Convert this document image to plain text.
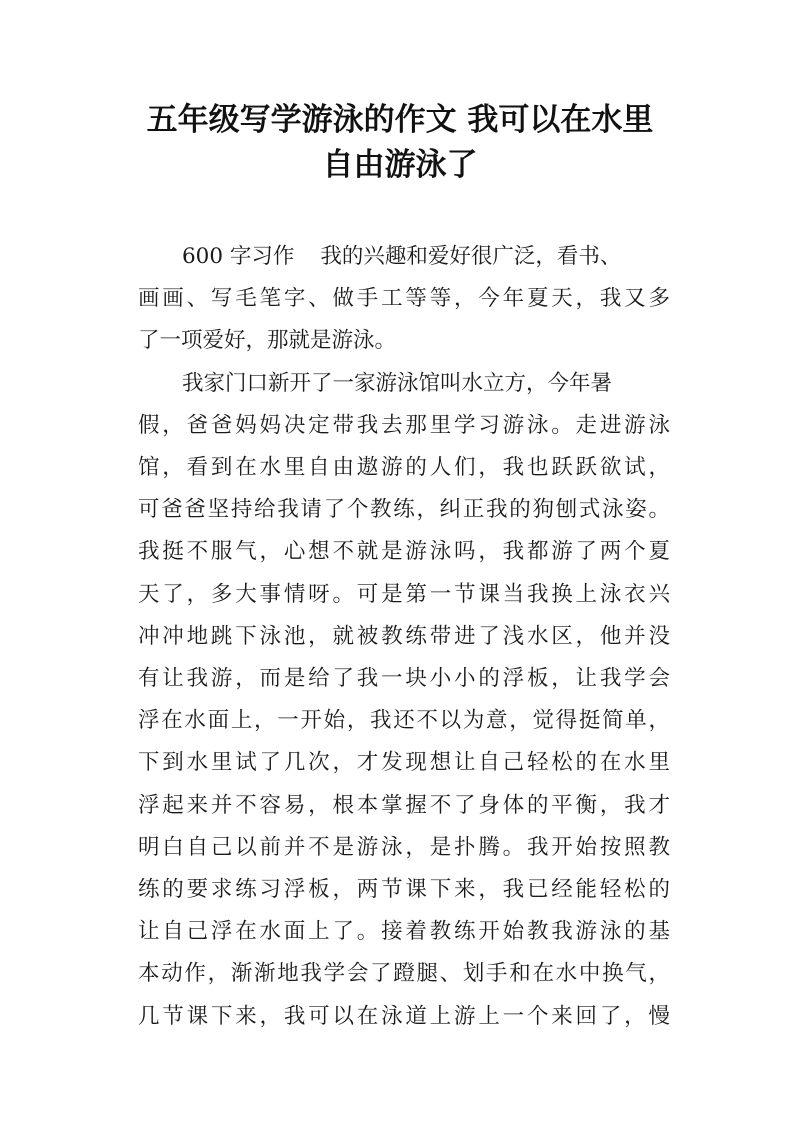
五年级写学游泳的作文 我可以在水里
自由游泳了
600 字习作 我的兴趣和爱好很广泛，看书、
画画、写毛笔字、做手工等等，今年夏天，我又多
了一项爱好，那就是游泳。
我家门口新开了一家游泳馆叫水立方，今年暑
假，爸爸妈妈决定带我去那里学习游泳。走进游泳
馆，看到在水里自由遨游的人们，我也跃跃欲试，
可爸爸坚持给我请了个教练，纠正我的狗刨式泳姿。
我挺不服气，心想不就是游泳吗，我都游了两个夏
天了，多大事情呀。可是第一节课当我换上泳衣兴
冲冲地跳下泳池，就被教练带进了浅水区，他并没
有让我游，而是给了我一块小小的浮板，让我学会
浮在水面上，一开始，我还不以为意，觉得挺简单，
下到水里试了几次，才发现想让自己轻松的在水里
浮起来并不容易，根本掌握不了身体的平衡，我才
明白自己以前并不是游泳，是扑腾。我开始按照教
练的要求练习浮板，两节课下来，我已经能轻松的
让自己浮在水面上了。接着教练开始教我游泳的基
本动作，渐渐地我学会了蹬腿、划手和在水中换气，
几节课下来，我可以在泳道上游上一个来回了，慢
